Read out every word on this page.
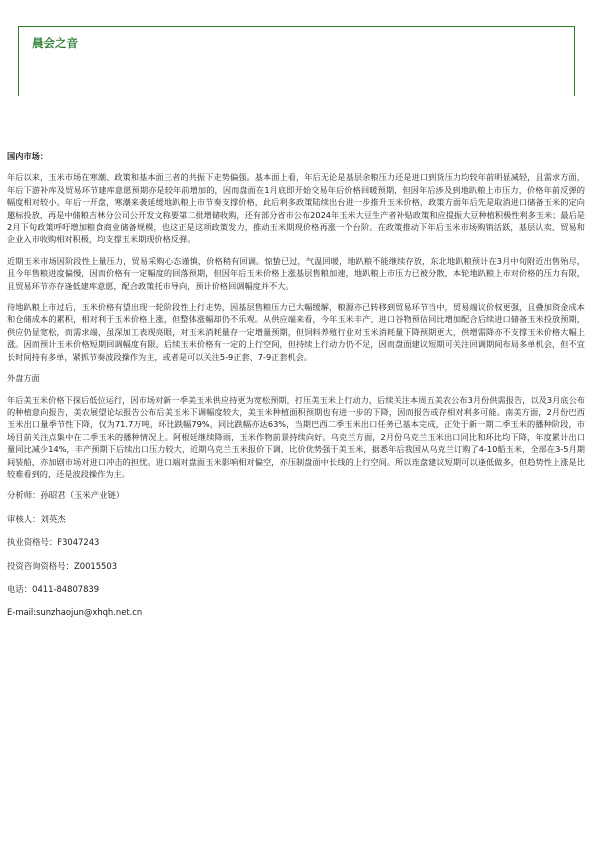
晨会之音
国内市场：

年后以来，玉米市场在寒潮、政策和基本面三者的共振下走势偏强。基本面上看，年后无论是基层余粮压力还是进口到货压力均较年前明显减轻，且需求方面，年后下游补库及贸易环节建库意愿预期亦是较年前增加的，因而盘面在1月底即开始交易年后价格回暖预期，但因年后涉及到地趴粮上市压力，价格年前反弹的幅度相对较小。年后一开盘，寒潮来袭延缓地趴粮上市节奏支撑价格，此后利多政策陆续出台进一步推升玉米价格，政策方面年后先是取消进口储备玉米的定向邀标投放、再是中储粮吉林分公司公开发文称要第二批增储收购，还有部分省市公布2024年玉米大豆生产者补贴政策和应提振大豆种植积极性利多玉米；最后是2月下旬政策呼吁增加粮食商业储备规模，也这正是这项政策发力，推动玉米期现价格再涨一个台阶。在政策推动下年后玉米市场购销活跃，基层认卖、贸易和企业入市收购相对积极，均支撑玉米期现价格反弹。

近期玉米市场因阶段性上量压力，贸易采购心态谨慎，价格稍有回调。惊蛰已过，气温回暖，地趴粮不能继续存放，东北地趴粮预计在3月中旬附近出售殆尽，且今年售粮进度偏慢，因而价格有一定幅度的回落预期，但因年后玉米价格上涨基层售粮加速，地趴粮上市压力已被分散，本轮地趴粮上市对价格的压力有限，且贸易环节亦存逢低建库意愿，配合政策托市导向，预计价格回调幅度并不大。

待地趴粮上市过后，玉米价格有望出现一轮阶段性上行走势，因基层售粮压力已大幅缓解，粮源亦已转移到贸易环节当中，贸易端议价权更强，且叠加资金成本和仓储成本的累积，相对利于玉米价格上涨，但整体涨幅却仍不乐观。从供应端来看，今年玉米丰产、进口谷物预估同比增加配合后续进口储备玉米投放预期，供应仍显宽松，而需求端，虽深加工表现亮眼，对玉米消耗量存一定增量预期，但饲料养殖行业对玉米消耗量下降预期更大，供增需降亦不支撑玉米价格大幅上涨。因而预计玉米价格短期回调幅度有限，后续玉米价格有一定的上行空间，但持续上行动力仍不足，因而盘面建议短期可关注回调期间布局多单机会，但不宜长时间持有多单，紧抓节奏波段操作为主，或者是可以关注5-9正套、7-9正套机会。

外盘方面

年后美玉米价格下探后低位运行，因市场对新一季美玉米供应持更为宽松预期，打压美玉米上行动力，后续关注本周五美农公布3月份供需报告，以及3月底公布的种植意向报告，美农展望论坛报告公布后美玉米下调幅度较大，美玉米种植面积预期也有进一步的下降，因而报告或存相对利多可能。南美方面，2月份巴西玉米出口量季节性下降，仅为71.7万吨，环比跌幅79%，同比跌幅亦达63%，当期巴西二季玉米出口任务已基本完成，正处于新一期二季玉米的播种阶段，市场目前关注点集中在二季玉米的播种情况上。阿根廷继续降雨，玉米作物前景持续向好。乌克兰方面，2月份乌克兰玉米出口同比和环比均下降，年度累计出口量同比减少14%，丰产预期下后续出口压力较大，近期乌克兰玉米报价下调，比价优势强于美玉米，据悉年后我国从乌克兰订购了4-10船玉米，全部在3-5月期间装船，亦加剧市场对进口冲击的担忧。进口端对盘面玉米影响相对偏空，亦压制盘面中长线的上行空间。所以连盘建议短期可以逢低做多，但趋势性上涨是比较难看到的，还是波段操作为主。

分析师：孙昭君（玉米产业链）

审核人：刘英杰

执业资格号：F3047243

投资咨询资格号：Z0015503

电话：0411-84807839

E-mail:sunzhaojun@xhqh.net.cn
